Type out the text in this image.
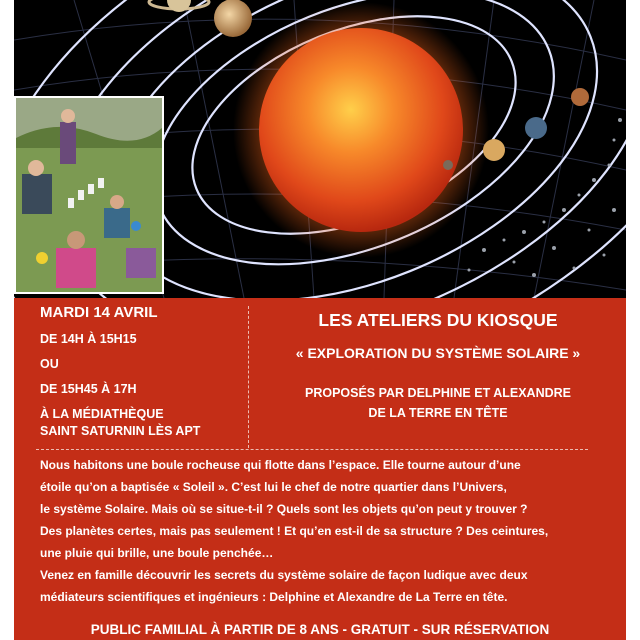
MARDI 14 AVRIL
DE 14H À 15H15
OU
DE 15H45 À 17H
À LA MÉDIATHÈQUE
SAINT SATURNIN LÈS APT
LES ATELIERS DU KIOSQUE
« EXPLORATION DU SYSTÈME SOLAIRE »
PROPOSÉS PAR DELPHINE ET ALEXANDRE
DE LA TERRE EN TÊTE

Nous habitons une boule rocheuse qui flotte dans l’espace. Elle tourne autour d’une

étoile qu’on a baptisée « Soleil ». C’est lui le chef de notre quartier dans l’Univers,

le système Solaire. Mais où se situe-t-il ? Quels sont les objets qu’on peut y trouver ?

Des planètes certes, mais pas seulement ! Et qu’en est-il de sa structure ? Des ceintures,

une pluie qui brille, une boule penchée…

Venez en famille découvrir les secrets du système solaire de façon ludique avec deux

médiateurs scientifiques et ingénieurs : Delphine et Alexandre de La Terre en tête.

PUBLIC FAMILIAL À PARTIR DE 8 ANS - GRATUIT - SUR RÉSERVATION
